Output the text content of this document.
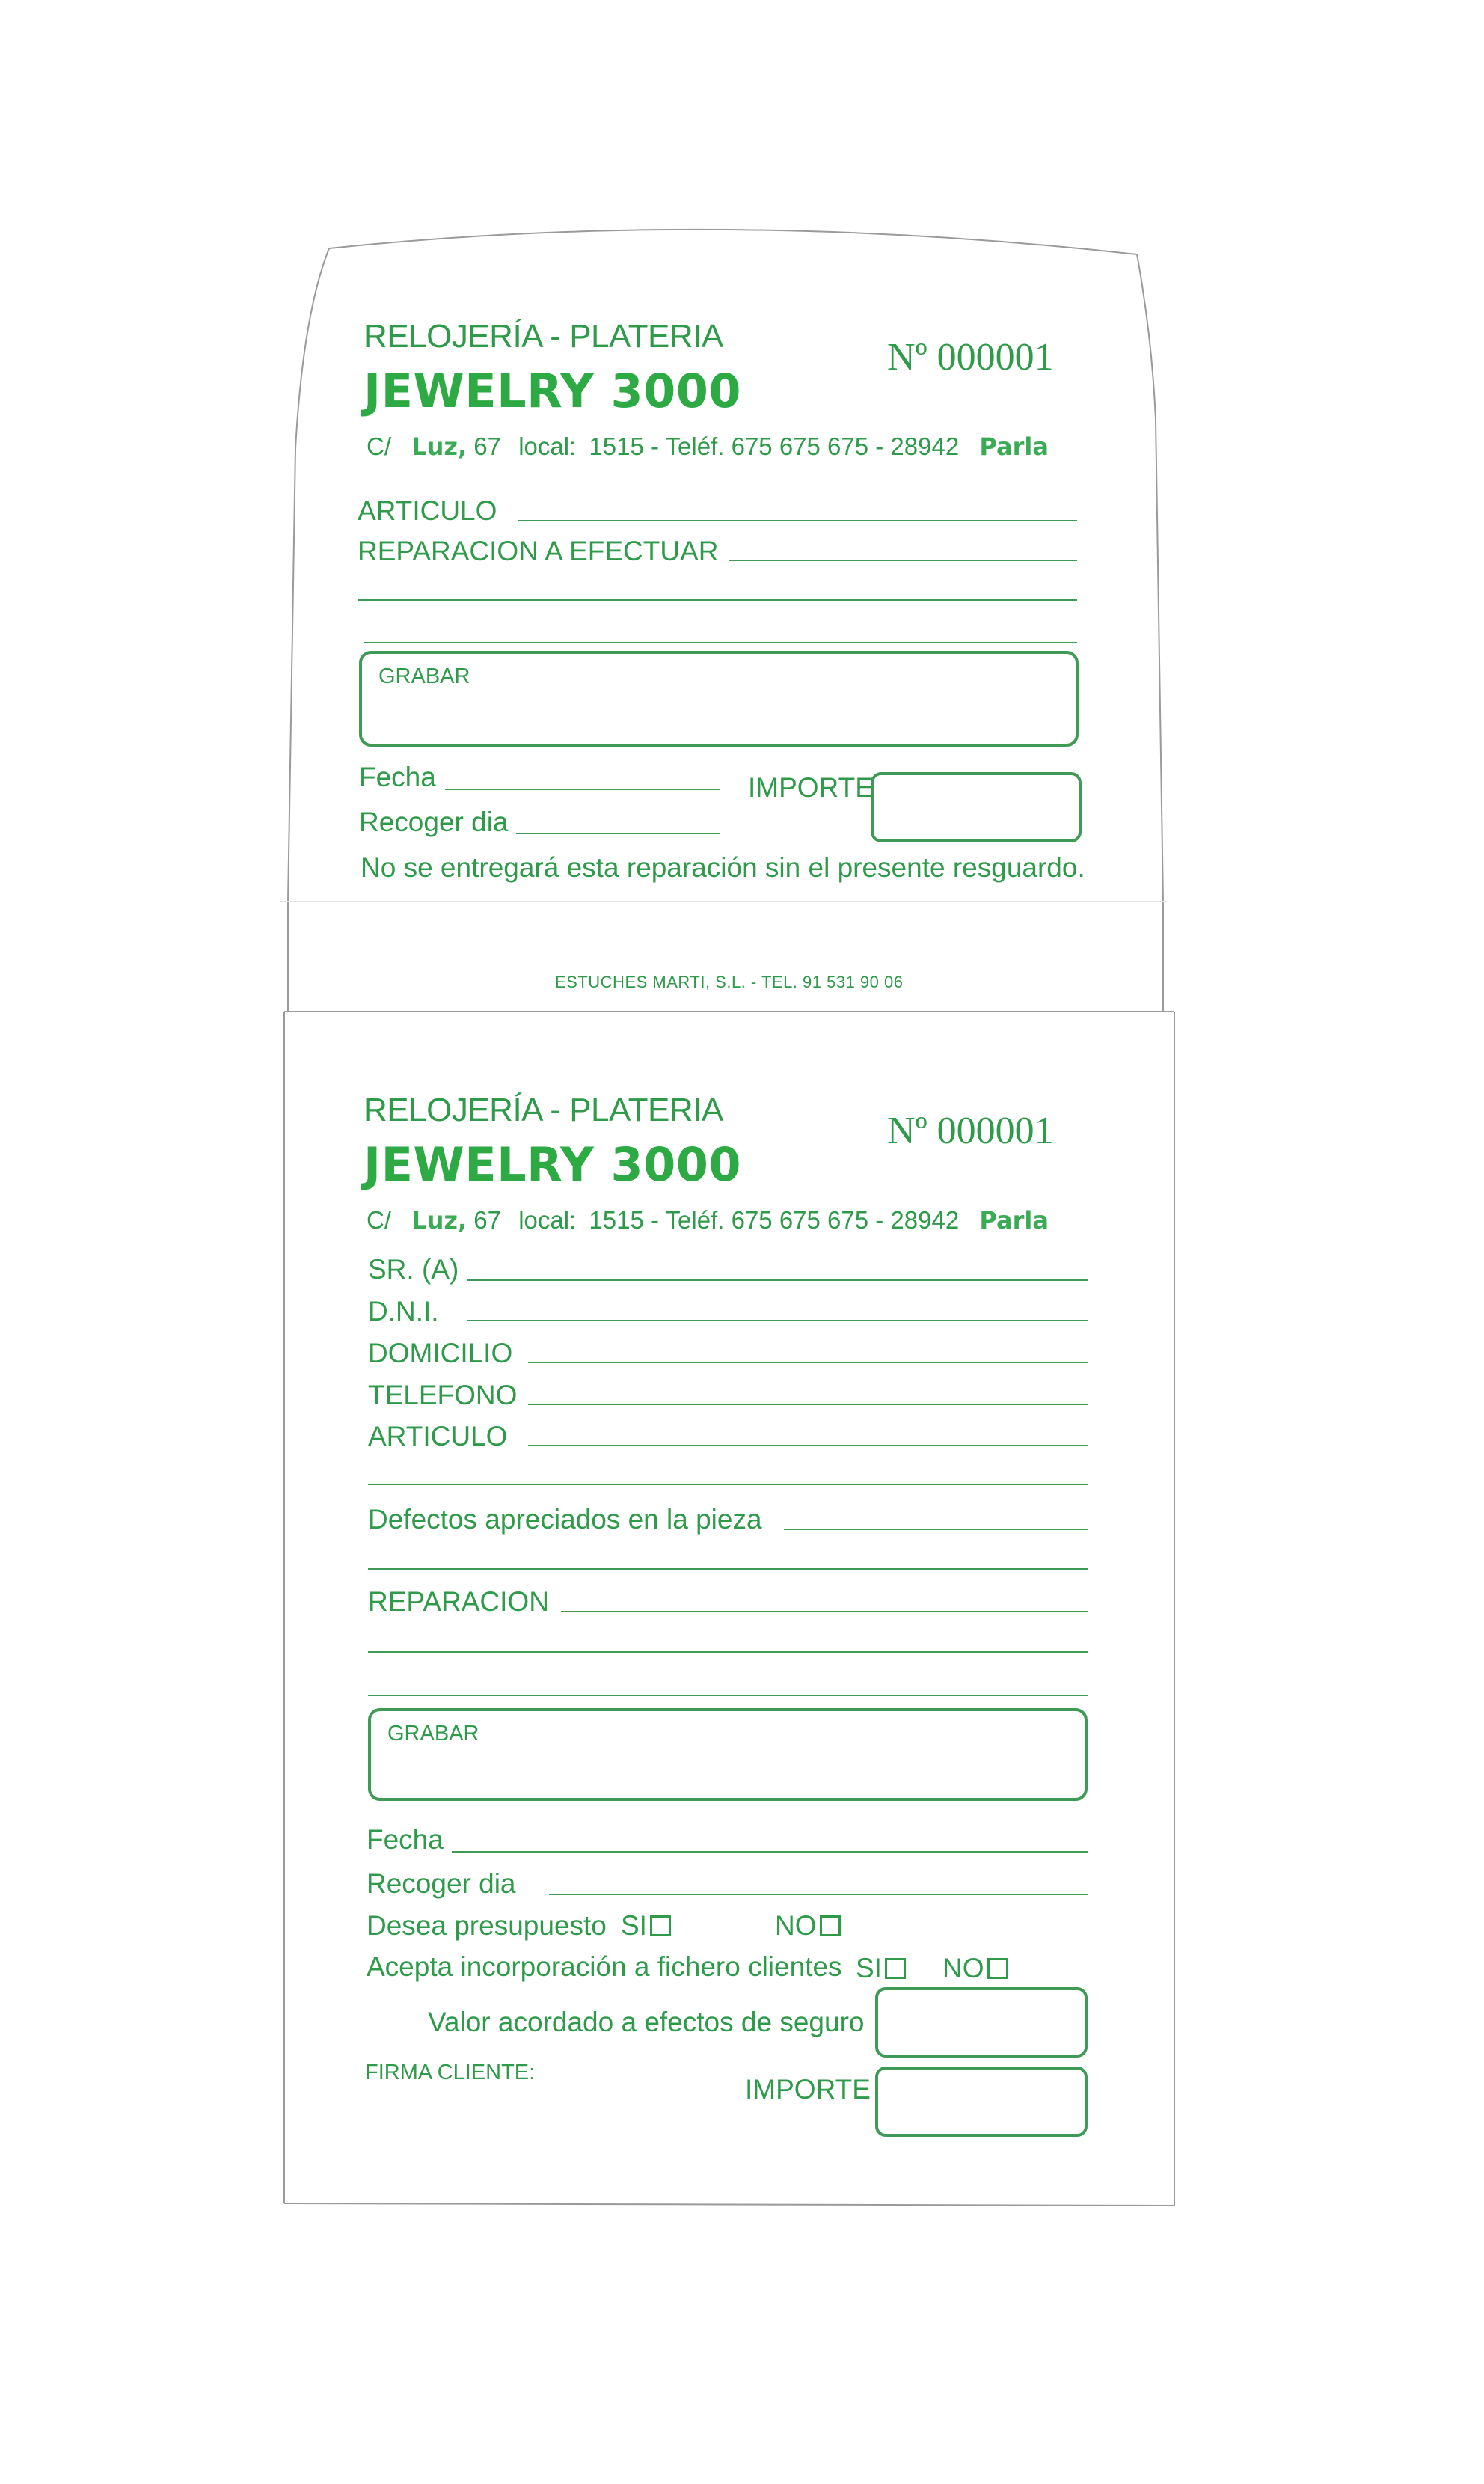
RELOJERÍA - PLATERIA
JEWELRY 3000
Nº 000001
C/ Luz, 67 local: 1515 - Teléf. 675 675 675 - 28942 Parla
ARTICULO
REPARACION A EFECTUAR
GRABAR
Fecha
Recoger dia
IMPORTE
No se entregará esta reparación sin el presente resguardo.
ESTUCHES MARTI, S.L. - TEL. 91 531 90 06
RELOJERÍA - PLATERIA
JEWELRY 3000
Nº 000001
C/ Luz, 67 local: 1515 - Teléf. 675 675 675 - 28942 Parla
SR. (A)
D.N.I.
DOMICILIO
TELEFONO
ARTICULO
Defectos apreciados en la pieza
REPARACION
GRABAR
Fecha
Recoger dia
Desea presupuesto SI	NO
Acepta incorporación a fichero clientes SI	NO
Valor acordado a efectos de seguro
FIRMA CLIENTE:
IMPORTE
